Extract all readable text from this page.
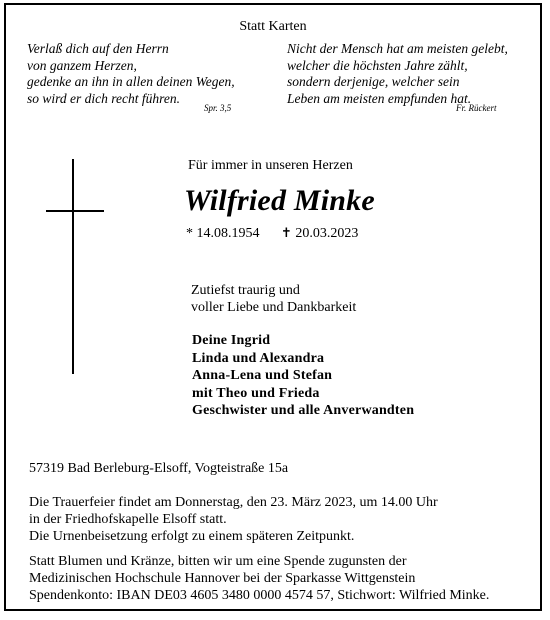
Statt Karten
Verlaß dich auf den Herrn
von ganzem Herzen,
gedenke an ihn in allen deinen Wegen,
so wird er dich recht führen.
Spr. 3,5
Nicht der Mensch hat am meisten gelebt,
welcher die höchsten Jahre zählt,
sondern derjenige, welcher sein
Leben am meisten empfunden hat.
Fr. Rückert
Für immer in unseren Herzen
Wilfried Minke
* 14.08.1954 ✝ 20.03.2023
Zutiefst traurig und
voller Liebe und Dankbarkeit
Deine Ingrid
Linda und Alexandra
Anna-Lena und Stefan
mit Theo und Frieda
Geschwister und alle Anverwandten
57319 Bad Berleburg-Elsoff, Vogteistraße 15a
Die Trauerfeier findet am Donnerstag, den 23. März 2023, um 14.00 Uhr
in der Friedhofskapelle Elsoff statt.
Die Urnenbeisetzung erfolgt zu einem späteren Zeitpunkt.
Statt Blumen und Kränze, bitten wir um eine Spende zugunsten der
Medizinischen Hochschule Hannover bei der Sparkasse Wittgenstein
Spendenkonto: IBAN DE03 4605 3480 0000 4574 57, Stichwort: Wilfried Minke.
